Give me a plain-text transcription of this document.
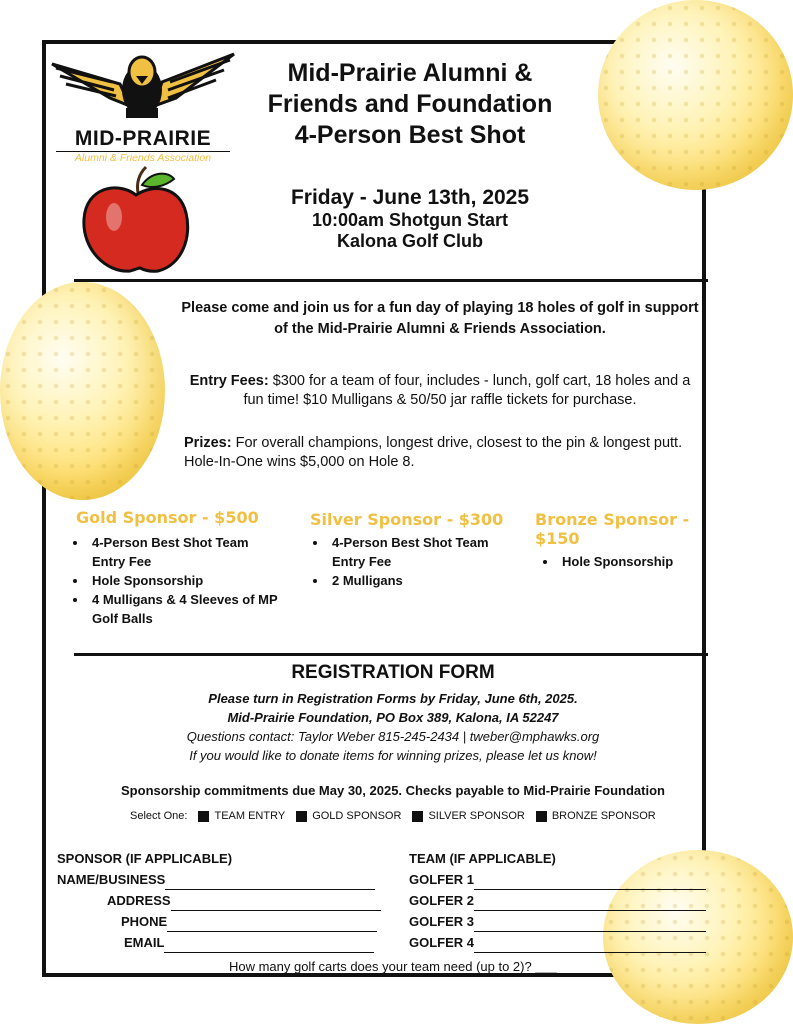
MID-PRAIRIE
Alumni & Friends Association
Mid-Prairie Alumni &
Friends and Foundation
4-Person Best Shot
Friday - June 13th, 2025
10:00am Shotgun Start
Kalona Golf Club
Please come and join us for a fun day of playing 18 holes of golf in support of the Mid-Prairie Alumni & Friends Association.
Entry Fees: $300 for a team of four, includes - lunch, golf cart, 18 holes and a fun time! $10 Mulligans & 50/50 jar raffle tickets for purchase.
Prizes: For overall champions, longest drive, closest to the pin & longest putt. Hole-In-One wins $5,000 on Hole 8.
Gold Sponsor - $500
• 4-Person Best Shot Team Entry Fee
• Hole Sponsorship
• 4 Mulligans & 4 Sleeves of MP Golf Balls
Silver Sponsor - $300
• 4-Person Best Shot Team Entry Fee
• 2 Mulligans
Bronze Sponsor - $150
• Hole Sponsorship
REGISTRATION FORM
Please turn in Registration Forms by Friday, June 6th, 2025.
Mid-Prairie Foundation, PO Box 389, Kalona, IA 52247
Questions contact: Taylor Weber 815-245-2434 | tweber@mphawks.org
If you would like to donate items for winning prizes, please let us know!
Sponsorship commitments due May 30, 2025. Checks payable to Mid-Prairie Foundation
Select One: TEAM ENTRY GOLD SPONSOR SILVER SPONSOR BRONZE SPONSOR
SPONSOR (IF APPLICABLE)
NAME/BUSINESS
ADDRESS
PHONE
EMAIL
TEAM (IF APPLICABLE)
GOLFER 1
GOLFER 2
GOLFER 3
GOLFER 4
How many golf carts does your team need (up to 2)? ___
